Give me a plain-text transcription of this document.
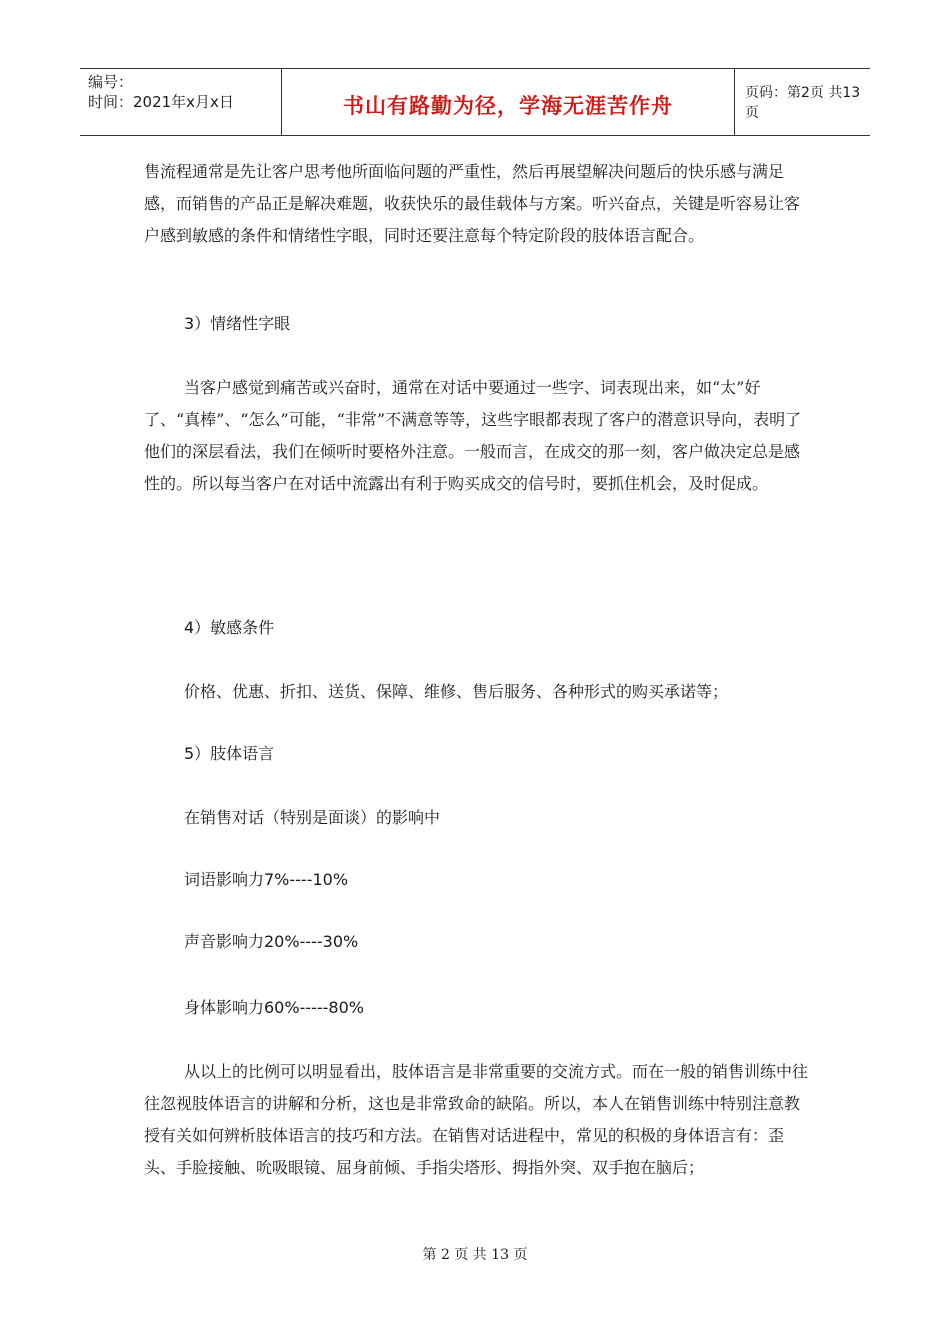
编号：
时间：2021年x月x日	书山有路勤为径，学海无涯苦作舟
页码：第2页 共13页

售流程通常是先让客户思考他所面临问题的严重性，然后再展望解决问题后的快乐感与满足感，而销售的产品正是解决难题，收获快乐的最佳载体与方案。听兴奋点，关键是听容易让客户感到敏感的条件和情绪性字眼，同时还要注意每个特定阶段的肢体语言配合。

3）情绪性字眼

当客户感觉到痛苦或兴奋时，通常在对话中要通过一些字、词表现出来，如“太”好了、“真棒”、“怎么”可能，“非常”不满意等等，这些字眼都表现了客户的潜意识导向，表明了他们的深层看法，我们在倾听时要格外注意。一般而言，在成交的那一刻，客户做决定总是感性的。所以每当客户在对话中流露出有利于购买成交的信号时，要抓住机会，及时促成。

4）敏感条件

价格、优惠、折扣、送货、保障、维修、售后服务、各种形式的购买承诺等；

5）肢体语言
在销售对话（特别是面谈）的影响中
词语影响力7%----10%
声音影响力20%----30%
身体影响力60%-----80%

从以上的比例可以明显看出，肢体语言是非常重要的交流方式。而在一般的销售训练中往往忽视肢体语言的讲解和分析，这也是非常致命的缺陷。所以，本人在销售训练中特别注意教授有关如何辨析肢体语言的技巧和方法。在销售对话进程中，常见的积极的身体语言有：歪头、手脸接触、吮吸眼镜、屈身前倾、手指尖塔形、拇指外突、双手抱在脑后；

第 2 页 共 13 页
